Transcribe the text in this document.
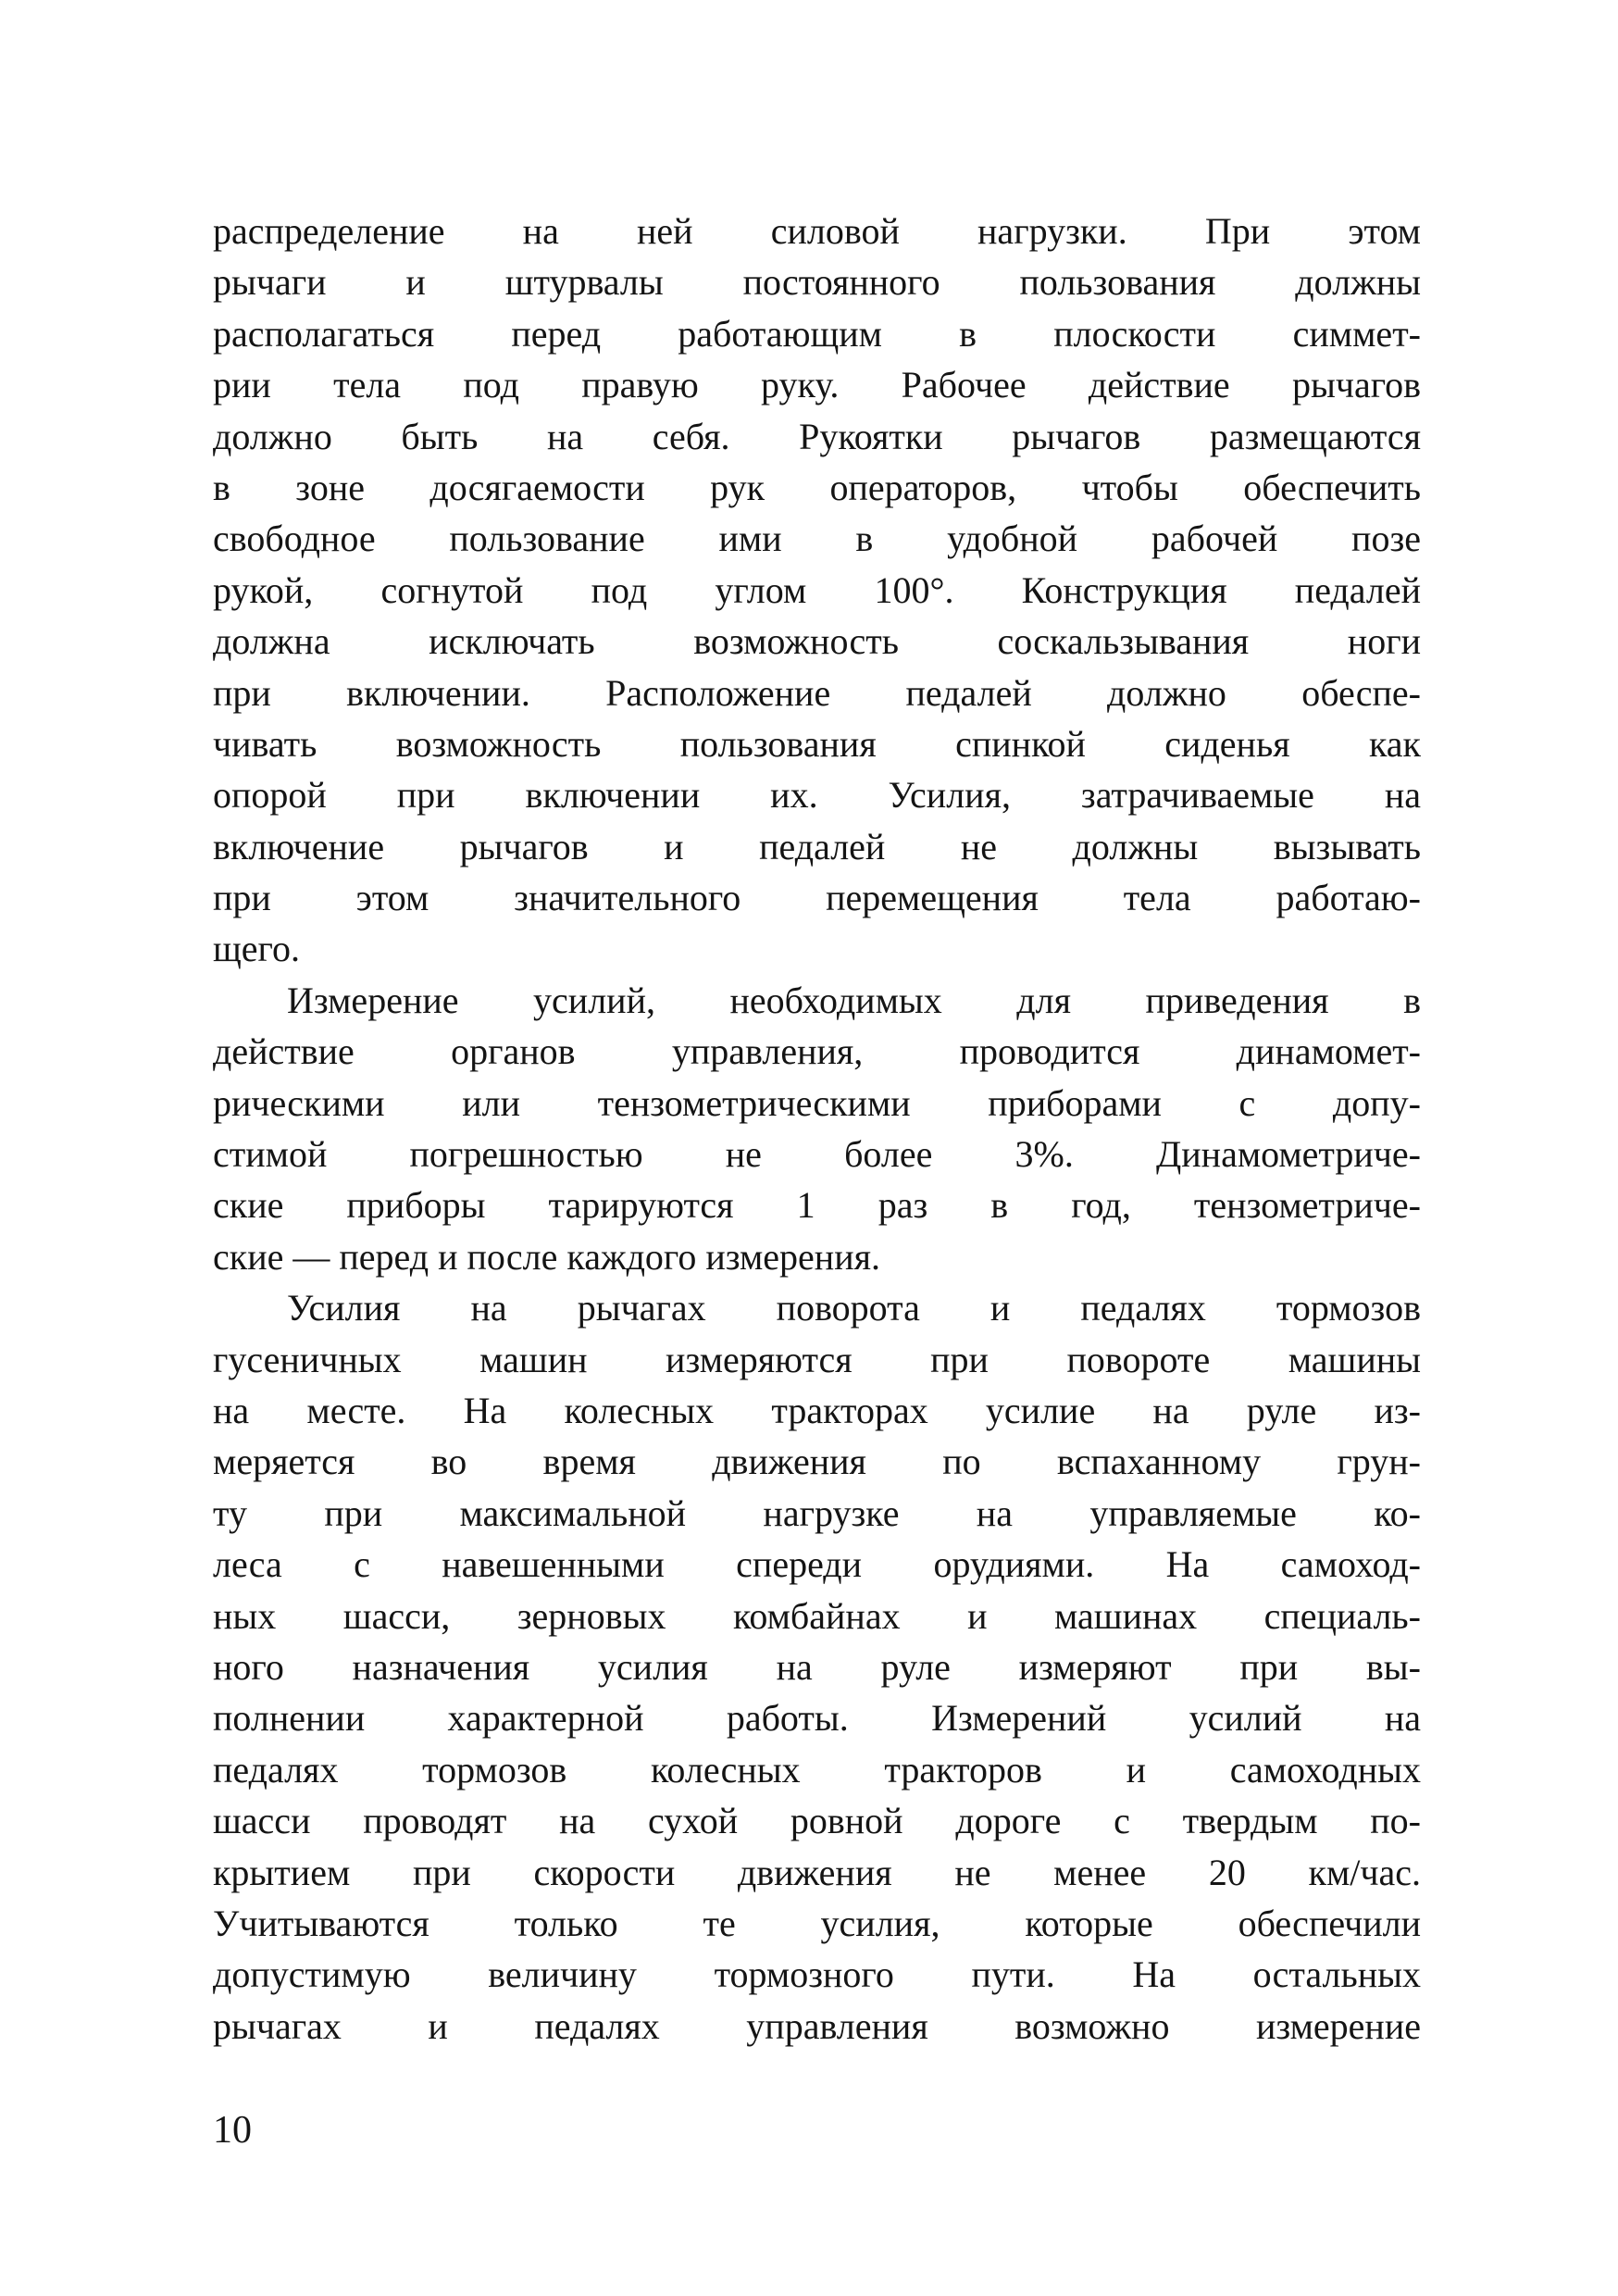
распределение на ней силовой нагрузки. При этом
рычаги и штурвалы постоянного пользования должны
располагаться перед работающим в плоскости симмет-
рии тела под правую руку. Рабочее действие рычагов
должно быть на себя. Рукоятки рычагов размещаются
в зоне досягаемости рук операторов, чтобы обеспечить
свободное пользование ими в удобной рабочей позе
рукой, согнутой под углом 100°. Конструкция педалей
должна исключать возможность соскальзывания ноги
при включении. Расположение педалей должно обеспе-
чивать возможность пользования спинкой сиденья как
опорой при включении их. Усилия, затрачиваемые на
включение рычагов и педалей не должны вызывать
при этом значительного перемещения тела работаю-
щего.
Измерение усилий, необходимых для приведения в
действие органов управления, проводится динамомет-
рическими или тензометрическими приборами с допу-
стимой погрешностью не более 3%. Динамометриче-
ские приборы тарируются 1 раз в год, тензометриче-
ские — перед и после каждого измерения.
Усилия на рычагах поворота и педалях тормозов
гусеничных машин измеряются при повороте машины
на месте. На колесных тракторах усилие на руле из-
меряется во время движения по вспаханному грун-
ту при максимальной нагрузке на управляемые ко-
леса с навешенными спереди орудиями. На самоход-
ных шасси, зерновых комбайнах и машинах специаль-
ного назначения усилия на руле измеряют при вы-
полнении характерной работы. Измерений усилий на
педалях тормозов колесных тракторов и самоходных
шасси проводят на сухой ровной дороге с твердым по-
крытием при скорости движения не менее 20 км/час.
Учитываются только те усилия, которые обеспечили
допустимую величину тормозного пути. На остальных
рычагах и педалях управления возможно измерение
10
